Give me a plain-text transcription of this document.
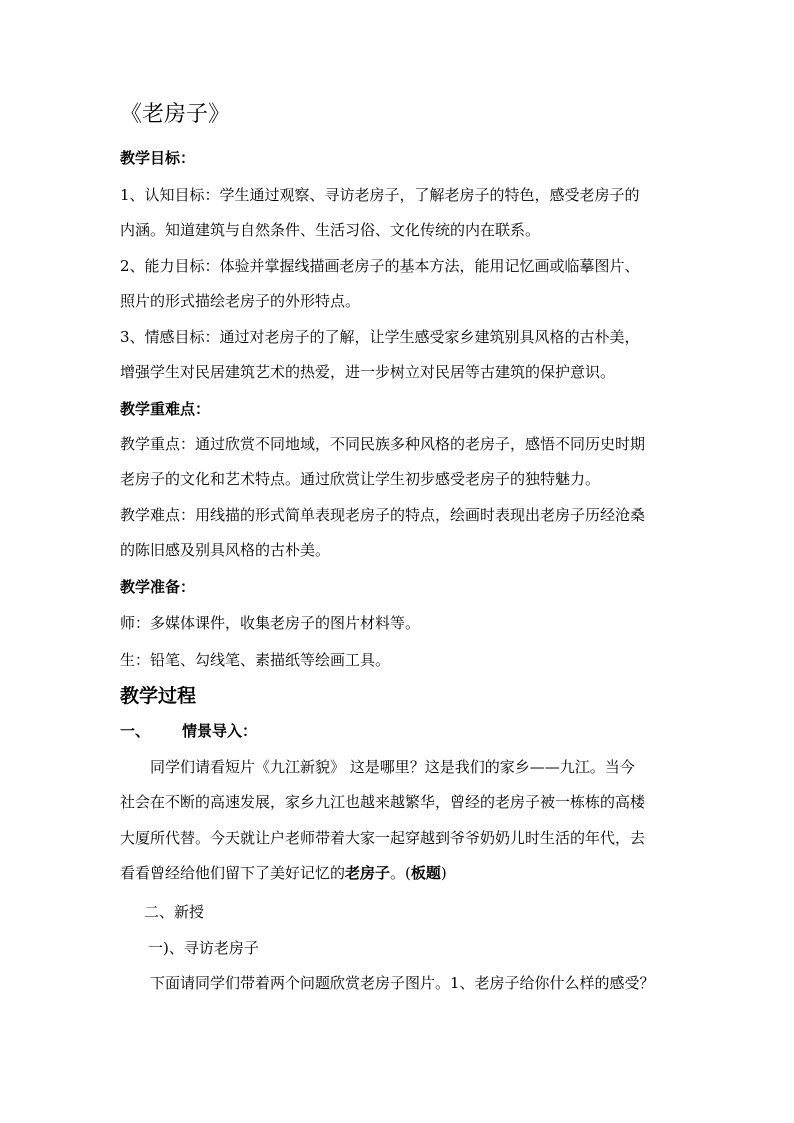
《老房子》
教学目标：
1、认知目标：学生通过观察、寻访老房子，了解老房子的特色，感受老房子的
内涵。知道建筑与自然条件、生活习俗、文化传统的内在联系。
2、能力目标：体验并掌握线描画老房子的基本方法，能用记忆画或临摹图片、
照片的形式描绘老房子的外形特点。
3、情感目标：通过对老房子的了解，让学生感受家乡建筑别具风格的古朴美，
增强学生对民居建筑艺术的热爱，进一步树立对民居等古建筑的保护意识。
教学重难点：
教学重点：通过欣赏不同地域，不同民族多种风格的老房子，感悟不同历史时期
老房子的文化和艺术特点。通过欣赏让学生初步感受老房子的独特魅力。
教学难点：用线描的形式简单表现老房子的特点，绘画时表现出老房子历经沧桑
的陈旧感及别具风格的古朴美。
教学准备：
师：多媒体课件，收集老房子的图片材料等。
生：铅笔、勾线笔、素描纸等绘画工具。
教学过程
一、 情景导入：
同学们请看短片《九江新貌》 这是哪里？这是我们的家乡——九江。当今
社会在不断的高速发展，家乡九江也越来越繁华，曾经的老房子被一栋栋的高楼
大厦所代替。今天就让户老师带着大家一起穿越到爷爷奶奶儿时生活的年代，去
看看曾经给他们留下了美好记忆的老房子。(板题)
二、新授
一)、寻访老房子
下面请同学们带着两个问题欣赏老房子图片。1、老房子给你什么样的感受？
